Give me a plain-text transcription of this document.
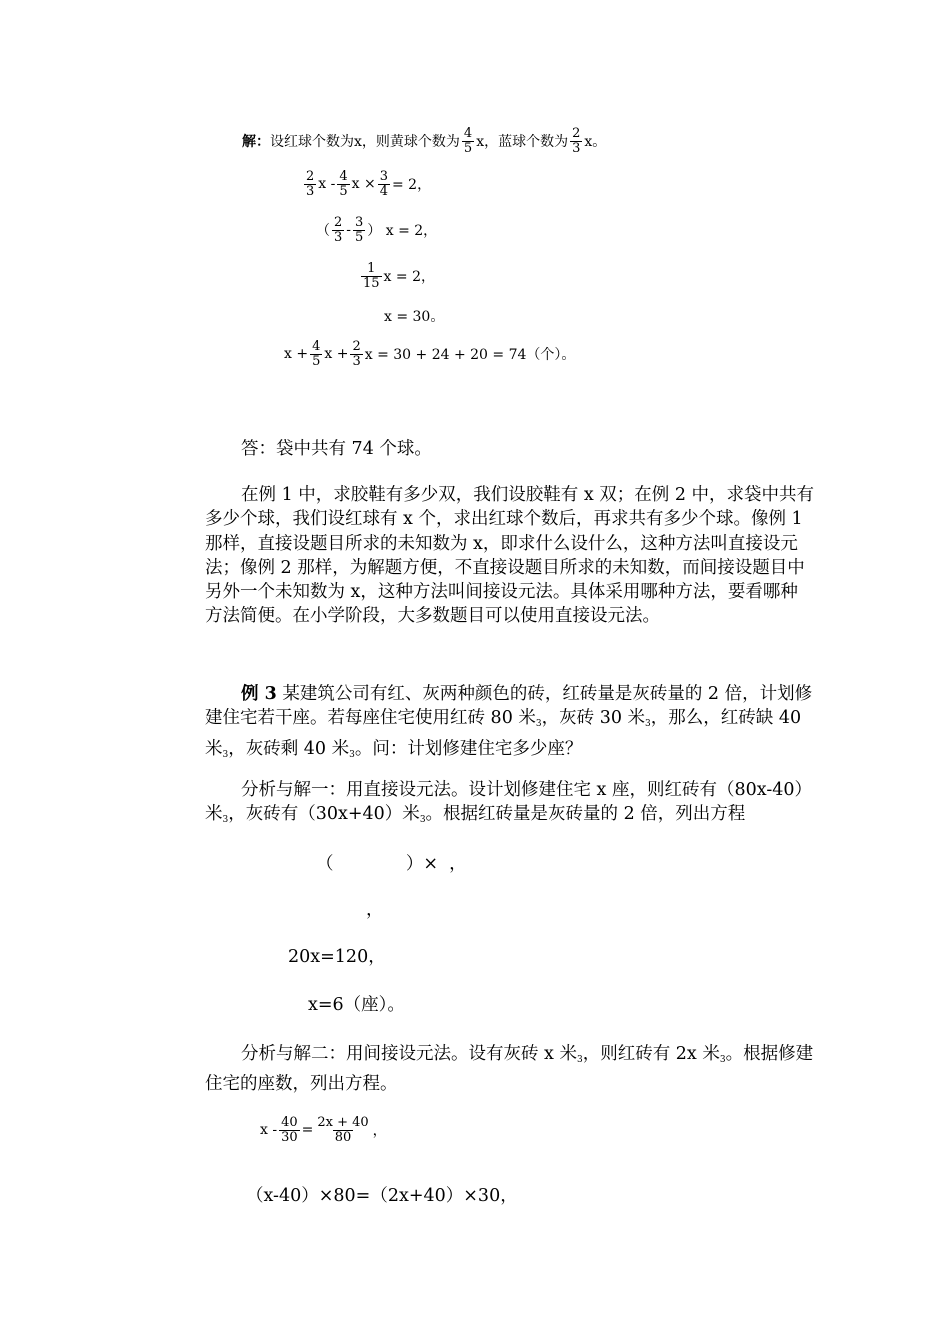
解： 设红球个数为x，则黄球个数为 $\frac{4}{5}$ x，蓝球个数为 $\frac{2}{3}$ x。
$\frac{2}{3}$ x - $\frac{4}{5}$ $x \times \frac{3}{4} = 2$，
（ $\frac{2}{3} - \frac{3}{5}$ ） x = 2，
$\frac{1}{15}$ x = 2，
x = 30。
$x + \frac{4}{5}$ $x + \frac{2}{3}$ x = 30 + 24 + 20 = 74（个）。
答：袋中共有 74 个球。

在例 1 中，求胶鞋有多少双，我们设胶鞋有 x 双；在例 2 中，求袋中共有多少个球，我们设红球有 x 个，求出红球个数后，再求共有多少个球。像例 1 那样，直接设题目所求的未知数为 x，即求什么设什么，这种方法叫直接设元法；像例 2 那样，为解题方便，不直接设题目所求的未知数，而间接设题目中另外一个未知数为 x，这种方法叫间接设元法。具体采用哪种方法，要看哪种方法简便。在小学阶段，大多数题目可以使用直接设元法。

例 3 某建筑公司有红、灰两种颜色的砖，红砖量是灰砖量的 2 倍，计划修建住宅若干座。若每座住宅使用红砖 80 米$_3$，灰砖 30 米$_3$，那么，红砖缺 40 米$_3$，灰砖剩 40 米$_3$。问：计划修建住宅多少座？

分析与解一：用直接设元法。设计划修建住宅 x 座，则红砖有（80x-40）米$_3$，灰砖有（30x+40）米$_3$。根据红砖量是灰砖量的 2 倍，列出方程

（             ）×  ，
，
20x=120，
x=6（座）。

分析与解二：用间接设元法。设有灰砖 x 米$_3$，则红砖有 2x 米$_3$。根据修建住宅的座数，列出方程。

$x - \frac{40}{30} = \frac{2x + 40}{80}$ ，
（x-40）×80=（2x+40）×30，
